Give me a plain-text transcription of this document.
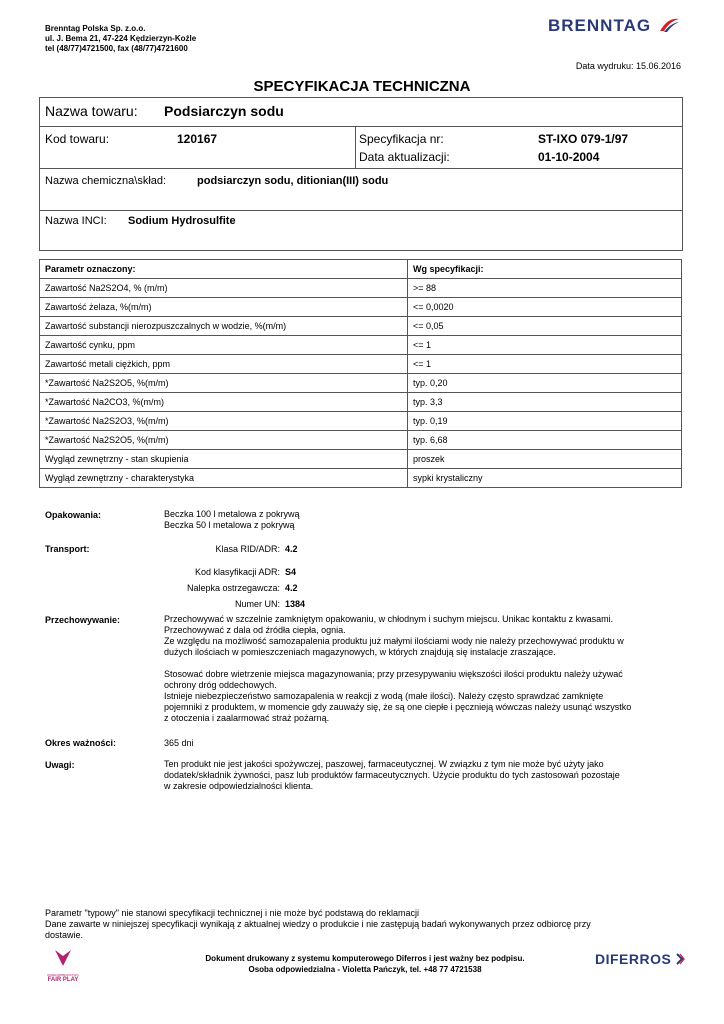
Brenntag Polska Sp. z.o.o.
ul. J. Bema 21, 47-224 Kędzierzyn-Koźle
tel (48/77)4721500, fax (48/77)4721600
BRENNTAG
Data wydruku: 15.06.2016
SPECYFIKACJA TECHNICZNA
Nazwa towaru: Podsiarczyn sodu
Kod towaru:	120167	Specyfikacja nr:	ST-IXO 079-1/97
Data aktualizacji:	01-10-2004
Nazwa chemiczna\skład:	podsiarczyn sodu, ditionian(III) sodu
Nazwa INCI: Sodium Hydrosulfite
Parametr oznaczony:	Wg specyfikacji:
Zawartość Na2S2O4, % (m/m)	>= 88
Zawartość żelaza, %(m/m)	<= 0,0020
Zawartość substancji nierozpuszczalnych w wodzie, %(m/m)	<= 0,05
Zawartość cynku, ppm	<= 1
Zawartość metali ciężkich, ppm	<= 1
*Zawartość Na2S2O5, %(m/m)	typ. 0,20
*Zawartość Na2CO3, %(m/m)	typ. 3,3
*Zawartość Na2S2O3, %(m/m)	typ. 0,19
*Zawartość Na2S2O5, %(m/m)	typ. 6,68
Wygląd zewnętrzny - stan skupienia	proszek
Wygląd zewnętrzny - charakterystyka	sypki krystaliczny
Opakowania:	Beczka 100 l metalowa z pokrywą
Beczka 50 l metalowa z pokrywą
Transport:	Klasa RID/ADR: 4.2
Kod klasyfikacji ADR: S4
Nalepka ostrzegawcza: 4.2
Numer UN: 1384
Przechowywanie:	Przechowywać w szczelnie zamkniętym opakowaniu, w chłodnym i suchym miejscu. Unikac kontaktu z kwasami.
Przechowywać z dala od źródła ciepła, ognia.
Ze względu na możliwość samozapalenia produktu już małymi ilościami wody nie należy przechowywać produktu w
dużych ilościach w pomieszczeniach magazynowych, w których znajdują się instalacje zraszające.
Stosować dobre wietrzenie miejsca magazynowania; przy przesypywaniu większości ilości produktu należy używać
ochrony dróg oddechowych.
Istnieje niebezpieczeństwo samozapalenia w reakcji z wodą (małe ilości). Należy często sprawdzać zamknięte
pojemniki z produktem, w momencie gdy zauważy się, że są one ciepłe i pęcznieją wówczas należy usunąć wszystko
z otoczenia i zaalarmować straż pożarną.
Okres ważności:	365 dni
Uwagi:	Ten produkt nie jest jakości spożywczej, paszowej, farmaceutycznej. W związku z tym nie może być użyty jako
dodatek/składnik żywności, pasz lub produktów farmaceutycznych. Użycie produktu do tych zastosowań pozostaje
w zakresie odpowiedzialności klienta.
Parametr "typowy" nie stanowi specyfikacji technicznej i nie może być podstawą do reklamacji
Dane zawarte w niniejszej specyfikacji wynikają z aktualnej wiedzy o produkcie i nie zastępują badań wykonywanych przez odbiorcę przy
dostawie.
PRZEDSIĘBIORSTWO
FAIR PLAY
Dokument drukowany z systemu komputerowego Diferros i jest ważny bez podpisu.
Osoba odpowiedzialna - Violetta Pańczyk, tel. +48 77 4721538
DIFERROS
